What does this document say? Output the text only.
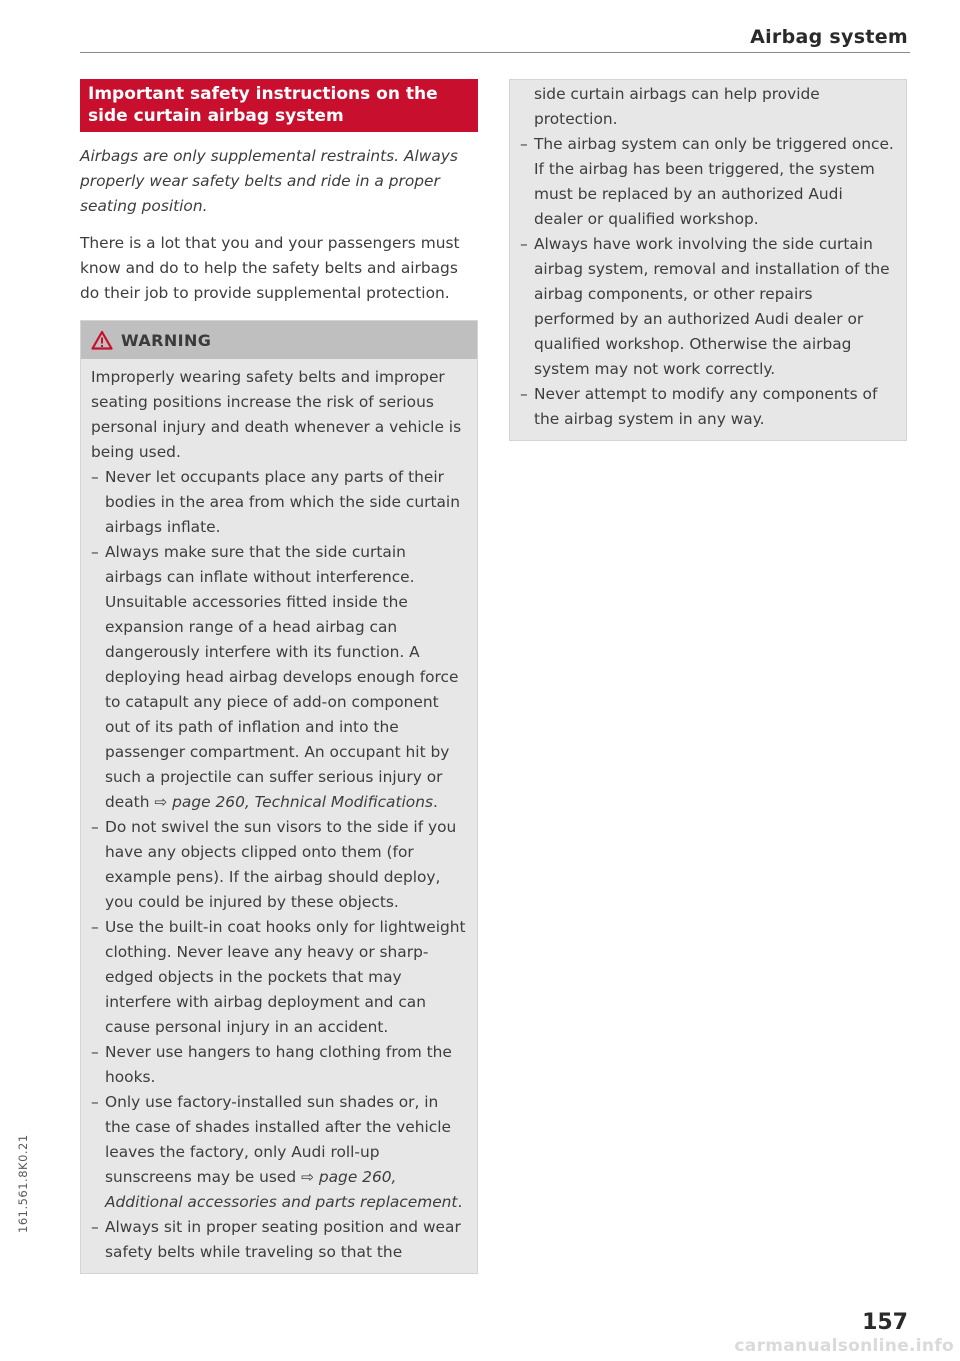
Airbag system
Important safety instructions on the side curtain airbag system

Airbags are only supplemental restraints. Always properly wear safety belts and ride in a proper seating position.

There is a lot that you and your passengers must know and do to help the safety belts and airbags do their job to provide supplemental protection.

WARNING

Improperly wearing safety belts and improper seating positions increase the risk of serious personal injury and death whenever a vehicle is being used.

– Never let occupants place any parts of their bodies in the area from which the side curtain airbags inflate.
– Always make sure that the side curtain airbags can inflate without interference. Unsuitable accessories fitted inside the expansion range of a head airbag can dangerously interfere with its function. A deploying head airbag develops enough force to catapult any piece of add-on component out of its path of inflation and into the passenger compartment. An occupant hit by such a projectile can suffer serious injury or death ⇨ page 260, Technical Modifications.
– Do not swivel the sun visors to the side if you have any objects clipped onto them (for example pens). If the airbag should deploy, you could be injured by these objects.
– Use the built-in coat hooks only for lightweight clothing. Never leave any heavy or sharp-edged objects in the pockets that may interfere with airbag deployment and can cause personal injury in an accident.
– Never use hangers to hang clothing from the hooks.
– Only use factory-installed sun shades or, in the case of shades installed after the vehicle leaves the factory, only Audi roll-up sunscreens may be used ⇨ page 260, Additional accessories and parts replacement.
– Always sit in proper seating position and wear safety belts while traveling so that the

side curtain airbags can help provide protection.

– The airbag system can only be triggered once. If the airbag has been triggered, the system must be replaced by an authorized Audi dealer or qualified workshop.
– Always have work involving the side curtain airbag system, removal and installation of the airbag components, or other repairs performed by an authorized Audi dealer or qualified workshop. Otherwise the airbag system may not work correctly.
– Never attempt to modify any components of the airbag system in any way.
161.561.8K0.21
157
carmanualsonline.info
